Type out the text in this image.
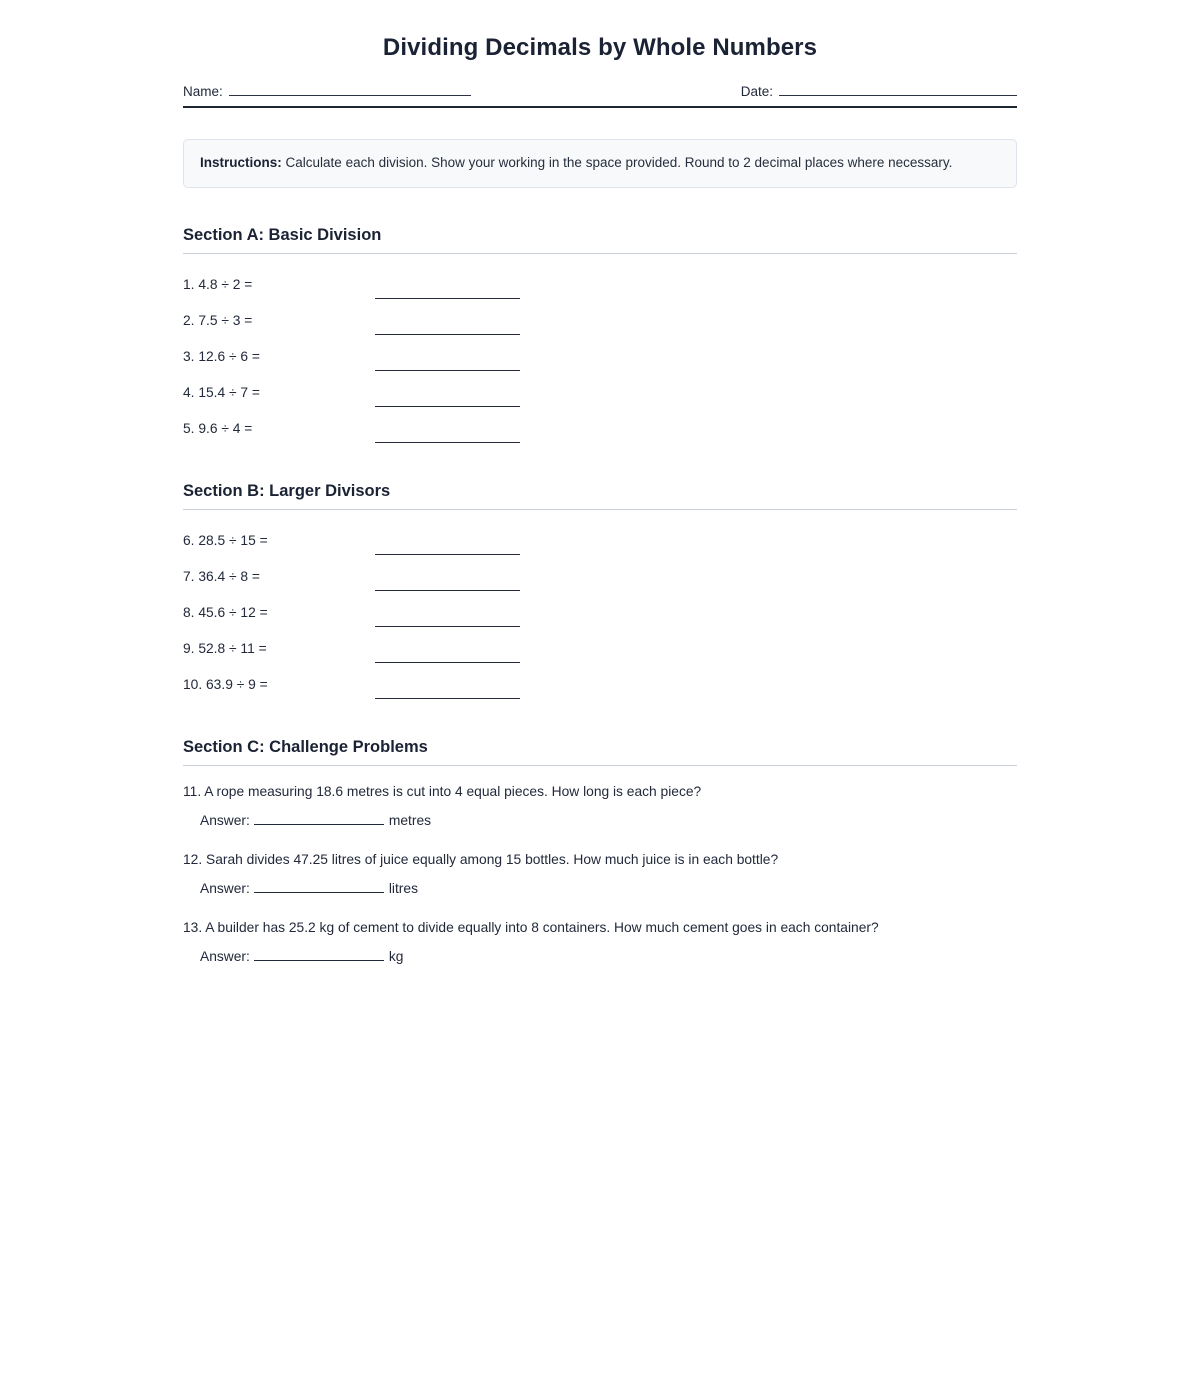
Dividing Decimals by Whole Numbers
Name:	Date:
Instructions: Calculate each division. Show your working in the space provided. Round to 2 decimal places where necessary.
Section A: Basic Division
1. 4.8 ÷ 2 =
2. 7.5 ÷ 3 =
3. 12.6 ÷ 6 =
4. 15.4 ÷ 7 =
5. 9.6 ÷ 4 =
Section B: Larger Divisors
6. 28.5 ÷ 15 =
7. 36.4 ÷ 8 =
8. 45.6 ÷ 12 =
9. 52.8 ÷ 11 =
10. 63.9 ÷ 9 =
Section C: Challenge Problems
11. A rope measuring 18.6 metres is cut into 4 equal pieces. How long is each piece?
Answer:	metres
12. Sarah divides 47.25 litres of juice equally among 15 bottles. How much juice is in each bottle?
Answer:	litres
13. A builder has 25.2 kg of cement to divide equally into 8 containers. How much cement goes in each container?
Answer:	kg
